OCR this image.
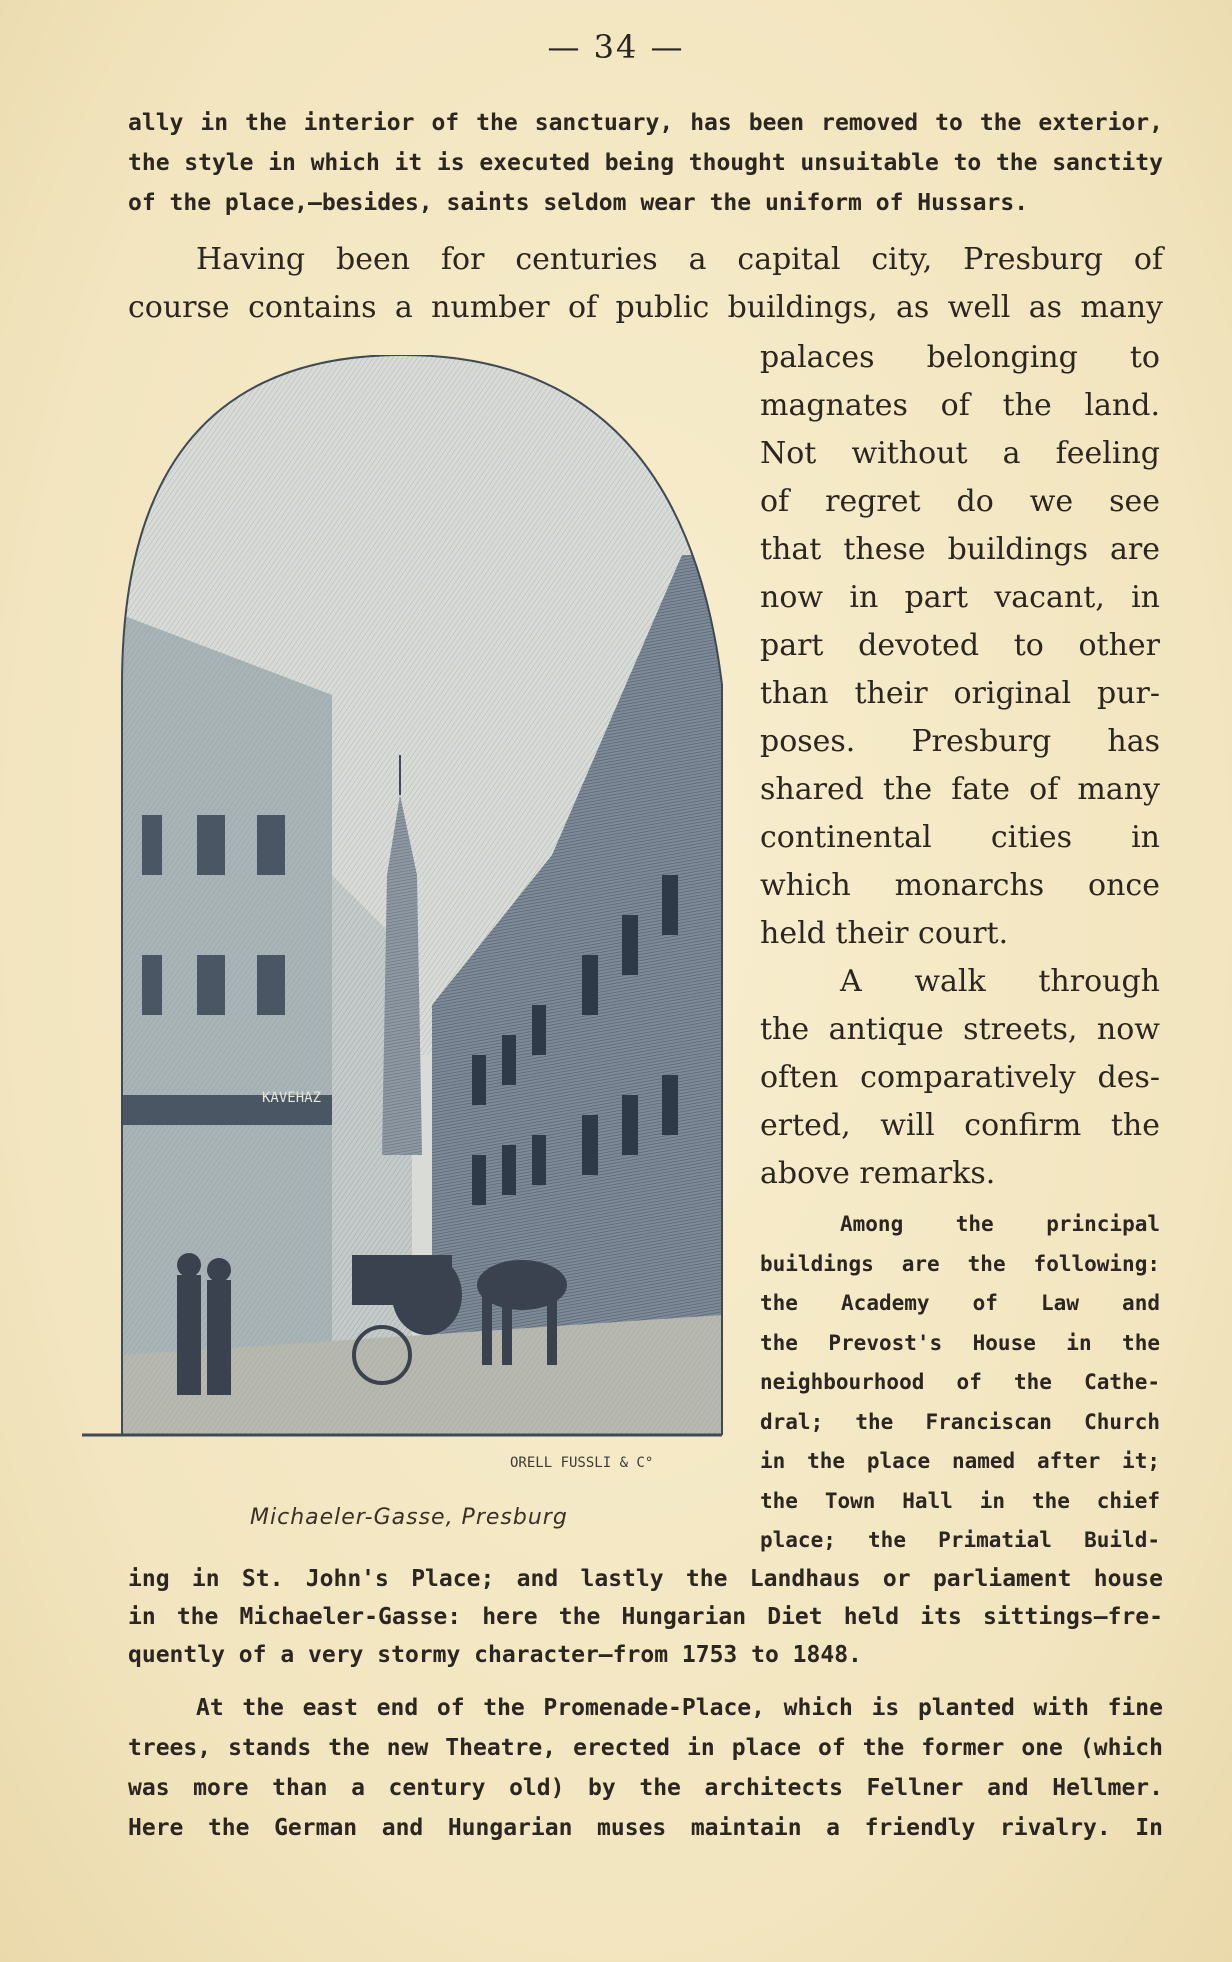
— 34 —
ally in the interior of the sanctuary, has been removed to the exterior,
the style in which it is executed being thought unsuitable to the sanctity
of the place,—besides, saints seldom wear the uniform of Hussars.
Having been for centuries a capital city, Presburg of
course contains a number of public buildings, as well as many
palaces belonging to
magnates of the land.
Not without a feeling
of regret do we see
that these buildings are
now in part vacant, in
part devoted to other
than their original pur-
poses. Presburg has
shared the fate of many
continental cities in
which monarchs once
held their court.
A walk through
the antique streets, now
often comparatively des-
erted, will confirm the
above remarks.
Among the principal
buildings are the following:
the Academy of Law and
the Prevost's House in the
neighbourhood of the Cathe-
dral; the Franciscan Church
in the place named after it;
the Town Hall in the chief
place; the Primatial Build-
ing in St. John's Place; and lastly the Landhaus or parliament house
in the Michaeler-Gasse: here the Hungarian Diet held its sittings—fre-
quently of a very stormy character—from 1753 to 1848.
At the east end of the Promenade-Place, which is planted with fine
trees, stands the new Theatre, erected in place of the former one (which
was more than a century old) by the architects Fellner and Hellmer.
Here the German and Hungarian muses maintain a friendly rivalry. In
KAVEHAZ
ORELL FUSSLI & C°
Michaeler-Gasse, Presburg
